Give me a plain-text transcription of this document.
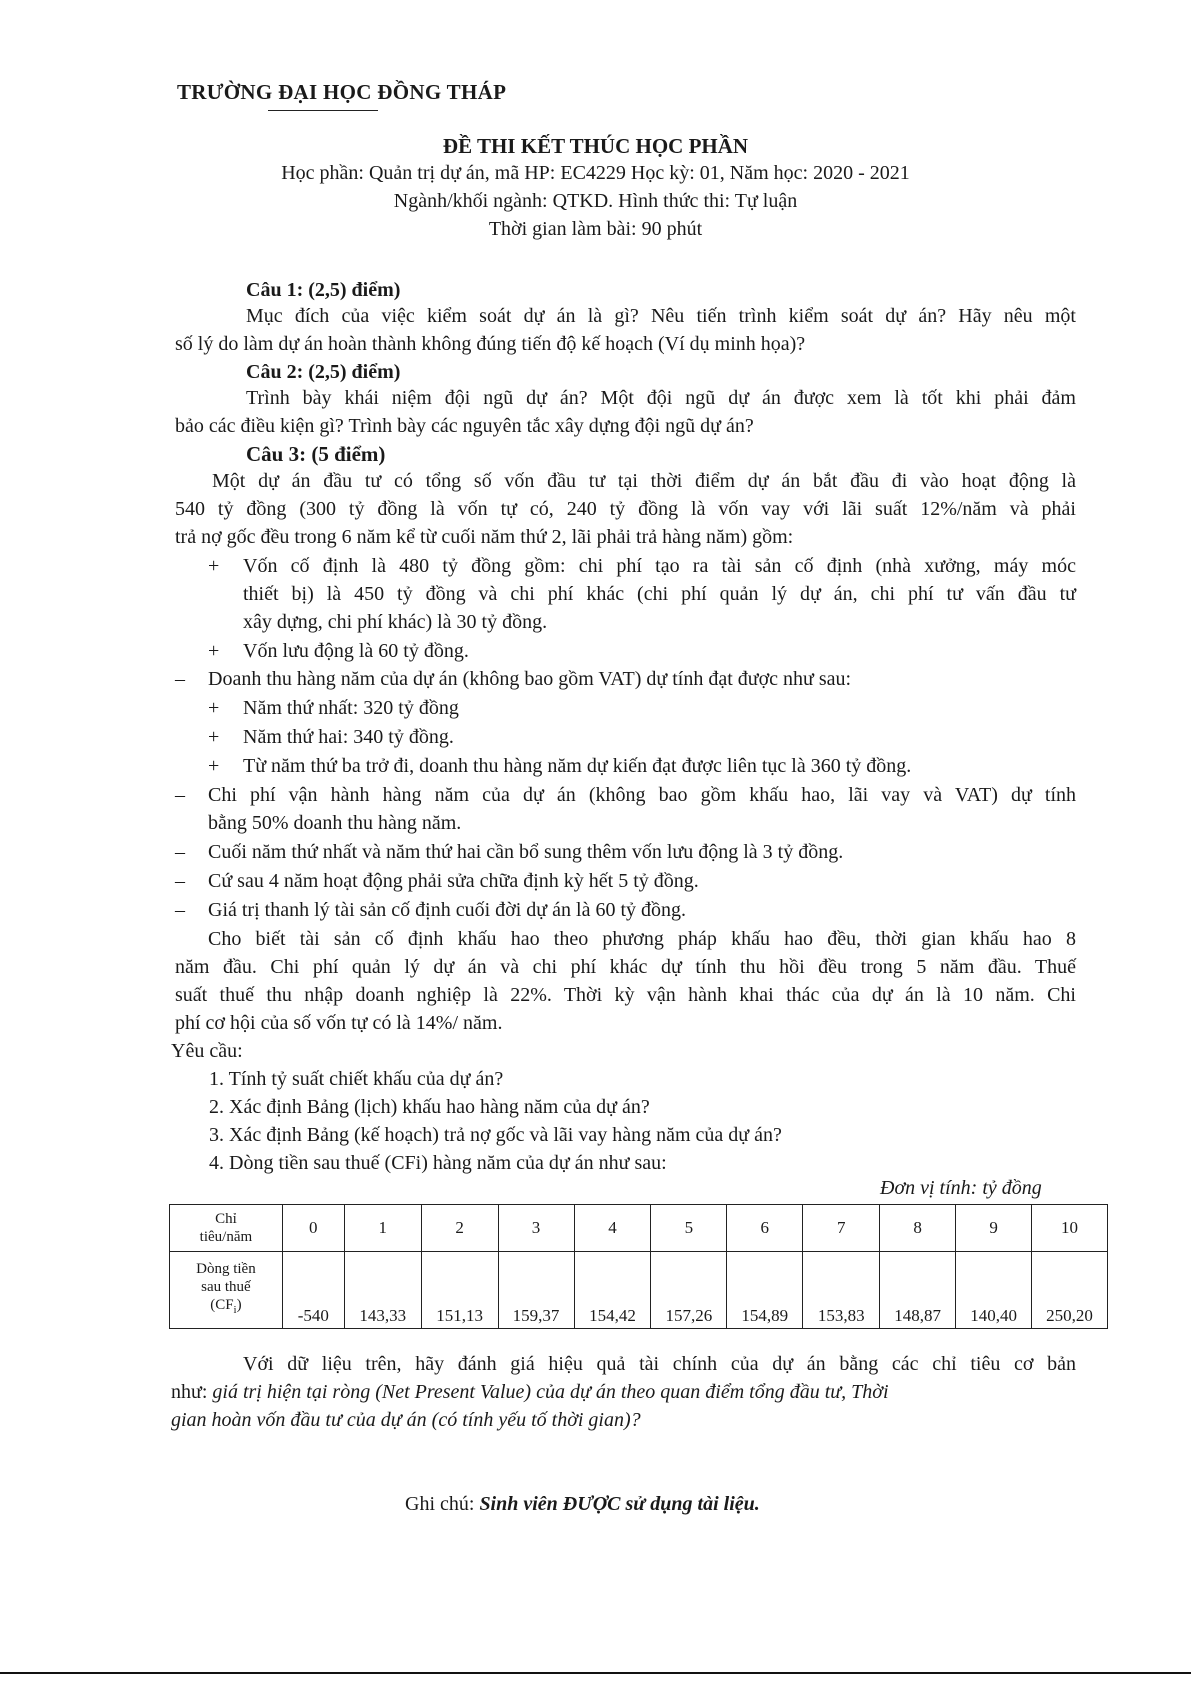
TRƯỜNG ĐẠI HỌC ĐỒNG THÁP
ĐỀ THI KẾT THÚC HỌC PHẦN
Học phần: Quản trị dự án, mã HP: EC4229 Học kỳ: 01, Năm học: 2020 - 2021
Ngành/khối ngành: QTKD. Hình thức thi: Tự luận
Thời gian làm bài: 90 phút
Câu 1: (2,5) điểm)
Mục đích của việc kiểm soát dự án là gì? Nêu tiến trình kiểm soát dự án? Hãy nêu một
số lý do làm dự án hoàn thành không đúng tiến độ kế hoạch (Ví dụ minh họa)?
Câu 2: (2,5) điểm)
Trình bày khái niệm đội ngũ dự án? Một đội ngũ dự án được xem là tốt khi phải đảm
bảo các điều kiện gì? Trình bày các nguyên tắc xây dựng đội ngũ dự án?
Câu 3: (5 điểm)
Một dự án đầu tư có tổng số vốn đầu tư tại thời điểm dự án bắt đầu đi vào hoạt động là
540 tỷ đồng (300 tỷ đồng là vốn tự có, 240 tỷ đồng là vốn vay với lãi suất 12%/năm và phải
trả nợ gốc đều trong 6 năm kể từ cuối năm thứ 2, lãi phải trả hàng năm) gồm:
+ Vốn cố định là 480 tỷ đồng gồm: chi phí tạo ra tài sản cố định (nhà xưởng, máy móc
thiết bị) là 450 tỷ đồng và chi phí khác (chi phí quản lý dự án, chi phí tư vấn đầu tư
xây dựng, chi phí khác) là 30 tỷ đồng.
+ Vốn lưu động là 60 tỷ đồng.
– Doanh thu hàng năm của dự án (không bao gồm VAT) dự tính đạt được như sau:
+ Năm thứ nhất: 320 tỷ đồng
+ Năm thứ hai: 340 tỷ đồng.
+ Từ năm thứ ba trở đi, doanh thu hàng năm dự kiến đạt được liên tục là 360 tỷ đồng.
– Chi phí vận hành hàng năm của dự án (không bao gồm khấu hao, lãi vay và VAT) dự tính
bằng 50% doanh thu hàng năm.
– Cuối năm thứ nhất và năm thứ hai cần bổ sung thêm vốn lưu động là 3 tỷ đồng.
– Cứ sau 4 năm hoạt động phải sửa chữa định kỳ hết 5 tỷ đồng.
– Giá trị thanh lý tài sản cố định cuối đời dự án là 60 tỷ đồng.
Cho biết tài sản cố định khấu hao theo phương pháp khấu hao đều, thời gian khấu hao 8
năm đầu. Chi phí quản lý dự án và chi phí khác dự tính thu hồi đều trong 5 năm đầu. Thuế
suất thuế thu nhập doanh nghiệp là 22%. Thời kỳ vận hành khai thác của dự án là 10 năm. Chi
phí cơ hội của số vốn tự có là 14%/ năm.
Yêu cầu:
1. Tính tỷ suất chiết khấu của dự án?
2. Xác định Bảng (lịch) khấu hao hàng năm của dự án?
3. Xác định Bảng (kế hoạch) trả nợ gốc và lãi vay hàng năm của dự án?
4. Dòng tiền sau thuế (CFi) hàng năm của dự án như sau:
Đơn vị tính: tỷ đồng
Chỉ
tiêu/năm	0	1	2	3	4	5	6	7	8	9	10
Dòng tiền
sau thuế
$(CF_i)$	-540	143,33	151,13	159,37	154,42	157,26	154,89	153,83	148,87	140,40	250,20
Với dữ liệu trên, hãy đánh giá hiệu quả tài chính của dự án bằng các chỉ tiêu cơ bản
như: giá trị hiện tại ròng (Net Present Value) của dự án theo quan điểm tổng đầu tư, Thời
gian hoàn vốn đầu tư của dự án (có tính yếu tố thời gian)?
Ghi chú: Sinh viên ĐƯỢC sử dụng tài liệu.
